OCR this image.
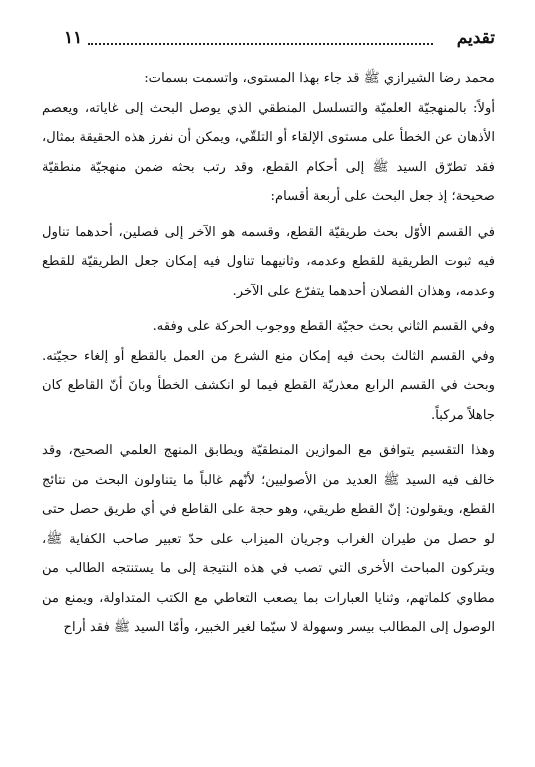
تقديم
١١

محمد رضا الشيرازي ﷺ قد جاء بهذا المستوى، واتسمت بسمات:

أولاً: بالمنهجيّة العلميّة والتسلسل المنطقي الذي يوصل البحث إلى غاياته، ويعصم الأذهان عن الخطأ على مستوى الإلقاء أو التلقّي، ويمكن أن نفرز هذه الحقيقة بمثال، فقد تطرّق السيد ﷺ إلى أحكام القطع، وقد رتب بحثه ضمن منهجيّة منطقيّة صحيحة؛ إذ جعل البحث على أربعة أقسام:

في القسم الأوّل بحث طريقيّة القطع، وقسمه هو الآخر إلى فصلين، أحدهما تناول فيه ثبوت الطريقية للقطع وعدمه، وثانيهما تناول فيه إمكان جعل الطريقيّة للقطع وعدمه، وهذان الفصلان أحدهما يتفرّع على الآخر.

وفي القسم الثاني بحث حجيّة القطع ووجوب الحركة على وفقه.

وفي القسم الثالث بحث فيه إمكان منع الشرع من العمل بالقطع أو إلغاء حجيّته. وبحث في القسم الرابع معذريّة القطع فيما لو انكشف الخطأ وبانَ أنّ القاطع كان جاهلاً مركباً.

وهذا التقسيم يتوافق مع الموازين المنطقيّة ويطابق المنهج العلمي الصحيح، وقد خالف فيه السيد ﷺ العديد من الأصوليين؛ لأنّهم غالباً ما يتناولون البحث من نتائج القطع، ويقولون: إنّ القطع طريقي، وهو حجة على القاطع في أي طريق حصل حتى لو حصل من طيران الغراب وجريان الميزاب على حدّ تعبير صاحب الكفاية ﷺ، ويتركون المباحث الأخرى التي تصب في هذه النتيجة إلى ما يستنتجه الطالب من مطاوي كلماتهم، وثنايا العبارات بما يصعب التعاطي مع الكتب المتداولة، ويمنع من الوصول إلى المطالب بيسر وسهولة لا سيّما لغير الخبير، وأمّا السيد ﷺ فقد أراح
